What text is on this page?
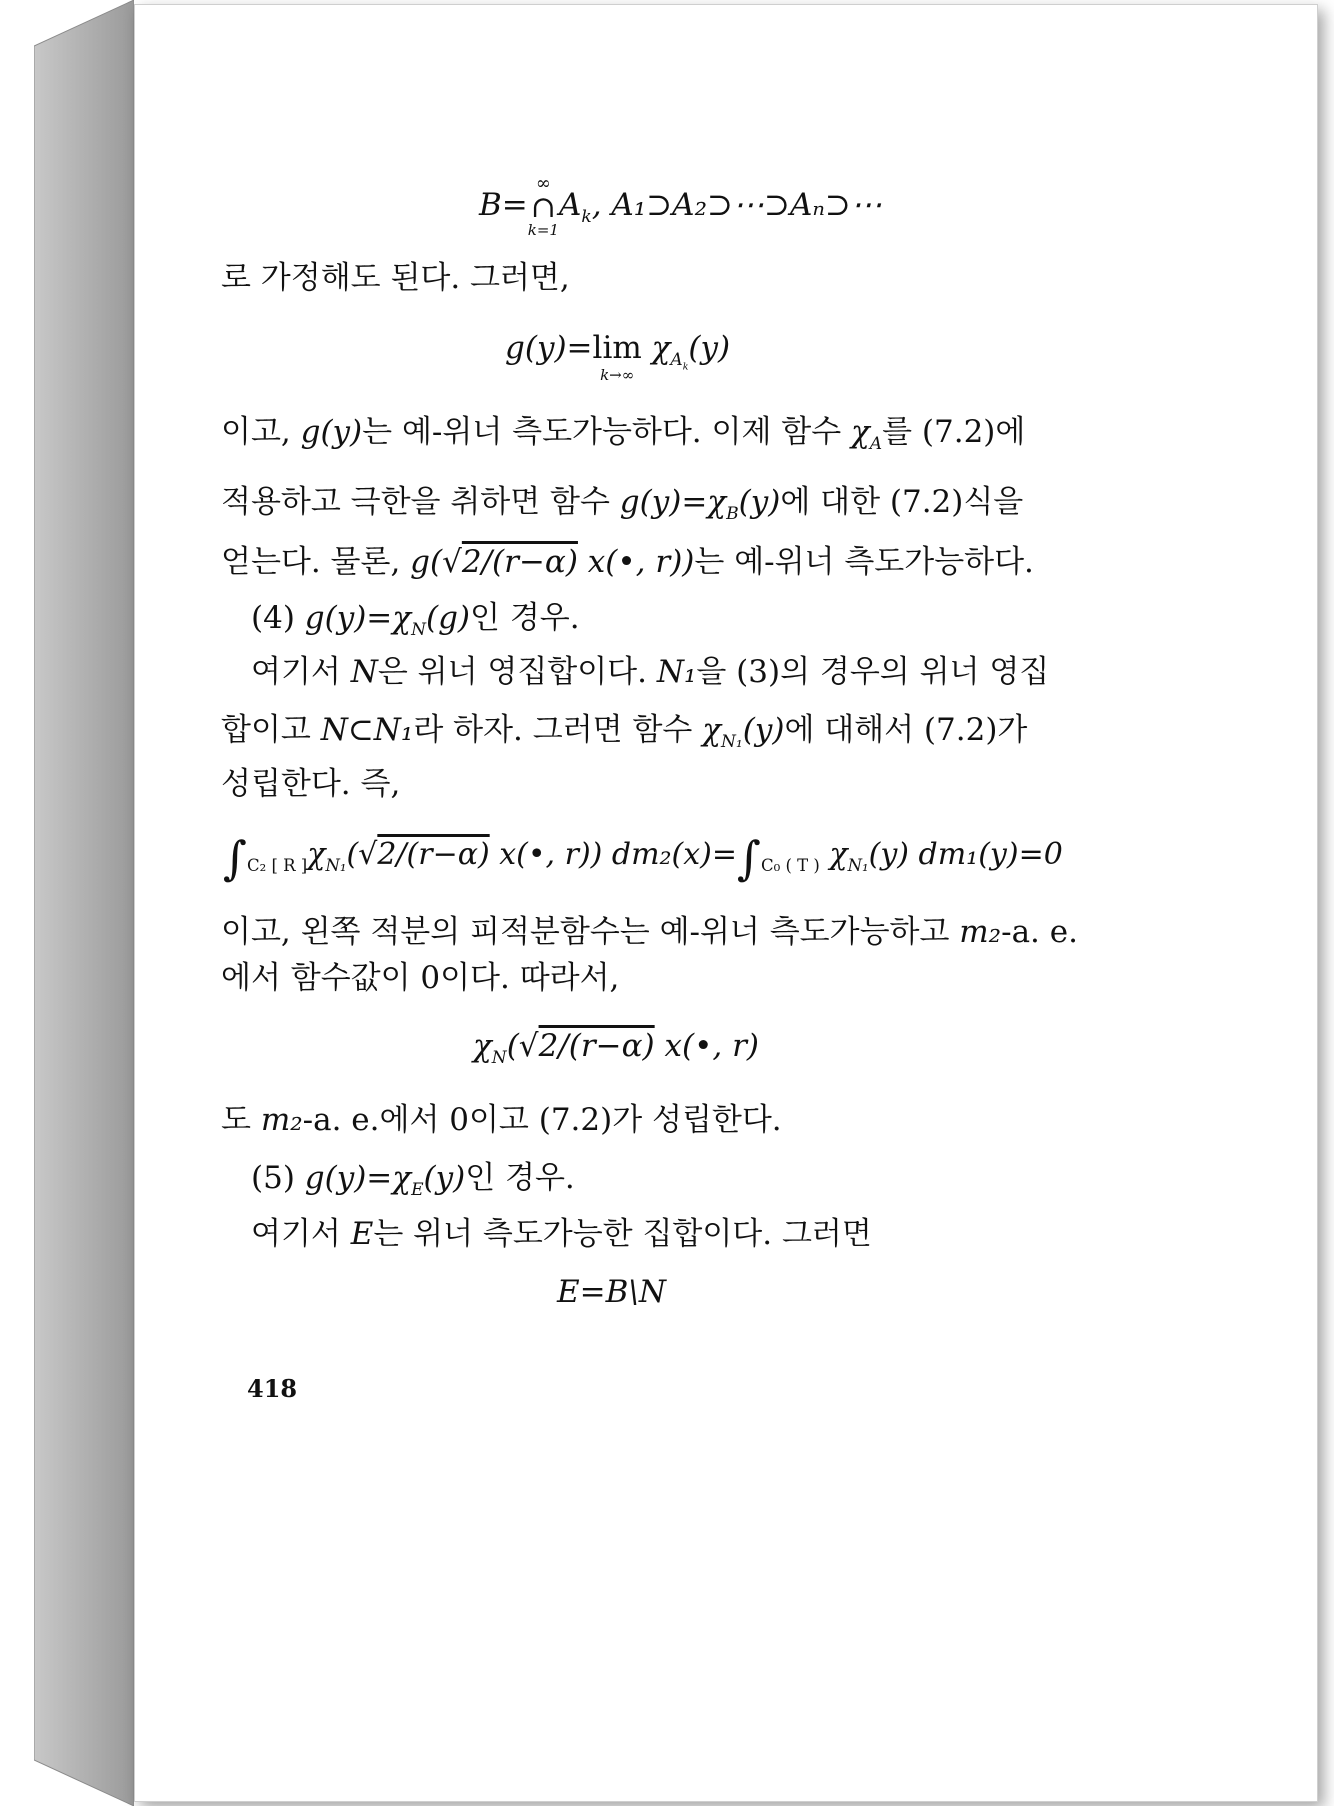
B=
∞
∩
k=1
$A_k$, A₁⊃A₂⊃⋯⊃Aₙ⊃⋯
로 가정해도 된다. 그러면,
g(y)= lim
k→∞
$\chi_{A_k}(y)$
이고, g(y)는 예-위너 측도가능하다. 이제 함수 $\chi_A$를 (7.2)에
적용하고 극한을 취하면 함수 $g(y)=\chi_B(y)$에 대한 (7.2)식을
얻는다. 물론, g(√2/(r−α) x(•, r))는 예-위너 측도가능하다.
(4) $g(y)=\chi_N(g)$인 경우.
여기서 N은 위너 영집합이다. N₁을 (3)의 경우의 위너 영집
합이고 N⊂N₁라 하자. 그러면 함수 $\chi_{N_1}(y)$에 대해서 (7.2)가
성립한다. 즉,
$\int_{C_2 [ R ]}\chi_{N_1}(√2/(r-\alpha)$ x(•, r)) $dm_2(x)=\int_{C_0 ( T )}$ $\chi_{N_1}(y)$ dm₁(y)=0
이고, 왼쪽 적분의 피적분함수는 예-위너 측도가능하고 m₂-a. e.
에서 함수값이 0이다. 따라서,
$\chi_N(√2/(r-\alpha)$ x(•, r)
도 m₂-a. e.에서 0이고 (7.2)가 성립한다.
(5) $g(y)=\chi_E(y)$인 경우.
여기서 E는 위너 측도가능한 집합이다. 그러면
E=B\N
418
